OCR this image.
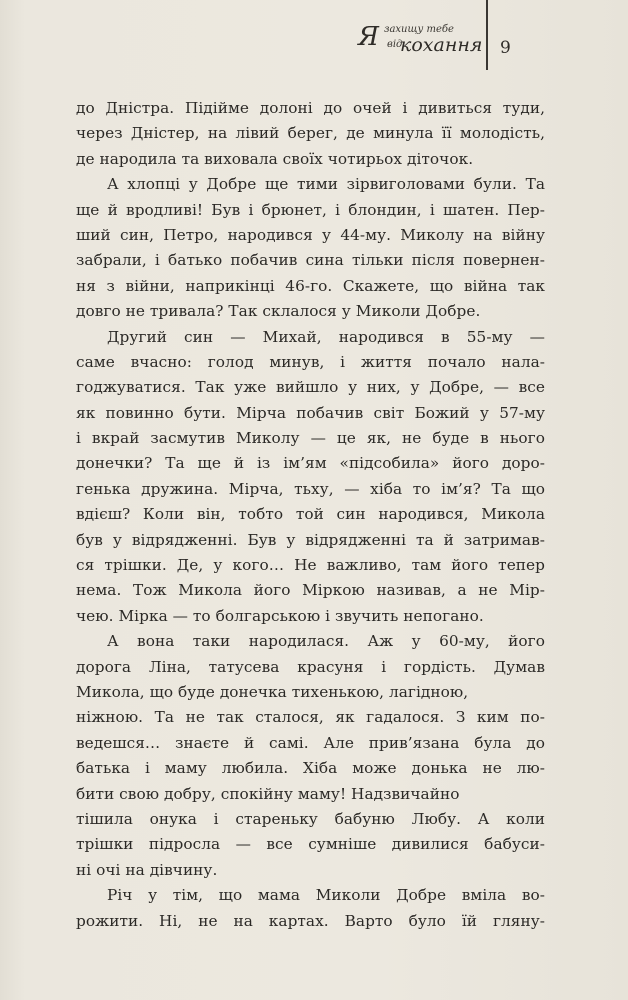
Я захищу тебе
від
кохання 9
до Дністра. Підійме долоні до очей і дивиться туди,
через Дністер, на лівий берег, де минула її молодість,
де народила та виховала своїх чотирьох діточок.
А хлопці у Добре ще тими зірвиголовами були. Та
ще й вродливі! Був і брюнет, і блондин, і шатен. Пер-
ший син, Петро, народився у 44-му. Миколу на війну
забрали, і батько побачив сина тільки після повернен-
ня з війни, наприкінці 46-го. Скажете, що війна так
довго не тривала? Так склалося у Миколи Добре.
Другий син — Михай, народився в 55-му —
саме вчасно: голод минув, і життя почало нала-
годжуватися. Так уже вийшло у них, у Добре, — все
як повинно бути. Мірча побачив світ Божий у 57-му
і вкрай засмутив Миколу — це як, не буде в нього
донечки? Та ще й із ім’ям «підсобила» його доро-
генька дружина. Мірча, тьху, — хіба то ім’я? Та що
вдієш? Коли він, тобто той син народився, Микола
був у відрядженні. Був у відрядженні та й затримав-
ся трішки. Де, у кого… Не важливо, там його тепер
нема. Тож Микола його Міркою називав, а не Мір-
чею. Мірка — то болгарською і звучить непогано.
А вона таки народилася. Аж у 60-му, його
дорога Ліна, татусева красуня і гордість. Думав
Микола, що буде донечка тихенькою, лагідною,
ніжною. Та не так сталося, як гадалося. З ким по-
ведешся… знаєте й самі. Але прив’язана була до
батька і маму любила. Хіба може донька не лю-
бити свою добру, спокійну маму! Надзвичайно
тішила онука і стареньку бабуню Любу. А коли
трішки підросла — все сумніше дивилися бабуси-
ні очі на дівчину.
Річ у тім, що мама Миколи Добре вміла во-
рожити. Ні, не на картах. Варто було їй гляну-
